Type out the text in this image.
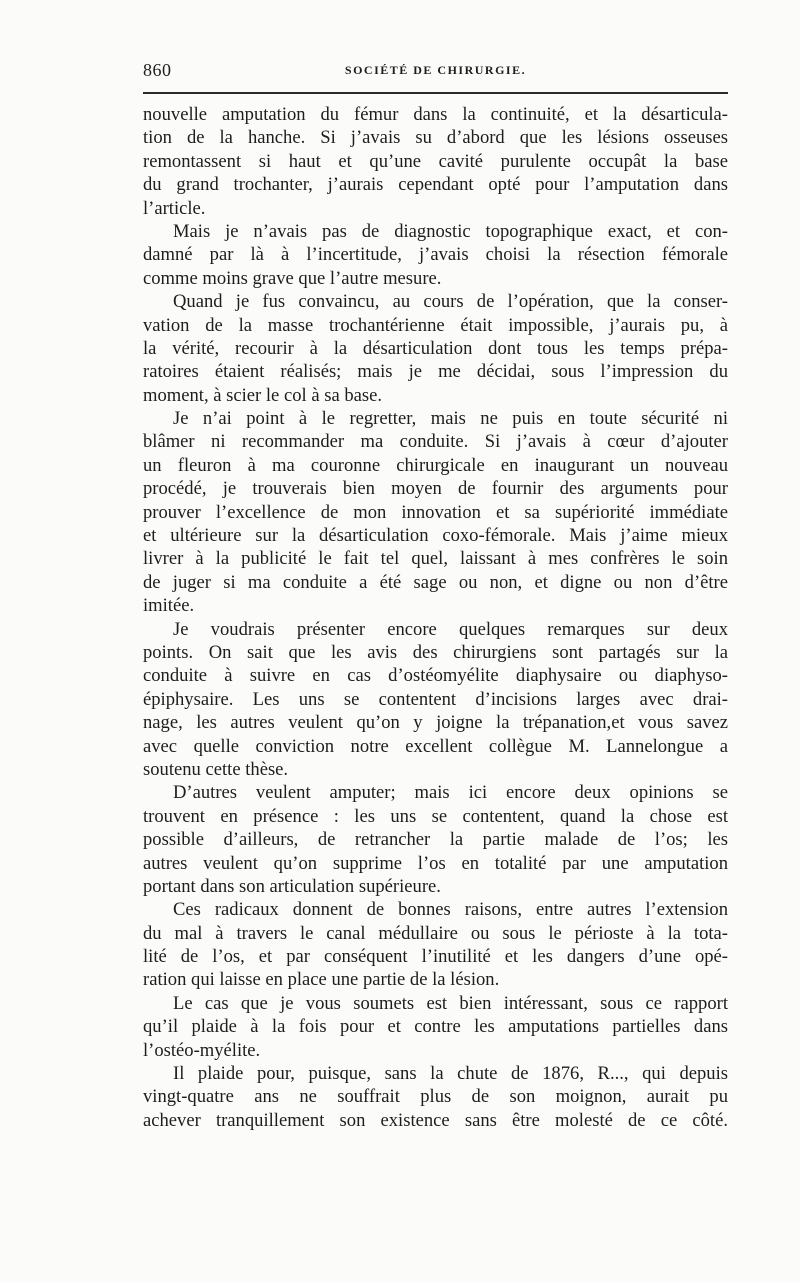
860	SOCIÉTÉ DE CHIRURGIE.
nouvelle amputation du fémur dans la continuité, et la désarticula-
tion de la hanche. Si j’avais su d’abord que les lésions osseuses
remontassent si haut et qu’une cavité purulente occupât la base
du grand trochanter, j’aurais cependant opté pour l’amputation dans
l’article.
Mais je n’avais pas de diagnostic topographique exact, et con-
damné par là à l’incertitude, j’avais choisi la résection fémorale
comme moins grave que l’autre mesure.
Quand je fus convaincu, au cours de l’opération, que la conser-
vation de la masse trochantérienne était impossible, j’aurais pu, à
la vérité, recourir à la désarticulation dont tous les temps prépa-
ratoires étaient réalisés; mais je me décidai, sous l’impression du
moment, à scier le col à sa base.
Je n’ai point à le regretter, mais ne puis en toute sécurité ni
blâmer ni recommander ma conduite. Si j’avais à cœur d’ajouter
un fleuron à ma couronne chirurgicale en inaugurant un nouveau
procédé, je trouverais bien moyen de fournir des arguments pour
prouver l’excellence de mon innovation et sa supériorité immédiate
et ultérieure sur la désarticulation coxo-fémorale. Mais j’aime mieux
livrer à la publicité le fait tel quel, laissant à mes confrères le soin
de juger si ma conduite a été sage ou non, et digne ou non d’être
imitée.
Je voudrais présenter encore quelques remarques sur deux
points. On sait que les avis des chirurgiens sont partagés sur la
conduite à suivre en cas d’ostéomyélite diaphysaire ou diaphyso-
épiphysaire. Les uns se contentent d’incisions larges avec drai-
nage, les autres veulent qu’on y joigne la trépanation,et vous savez
avec quelle conviction notre excellent collègue M. Lannelongue a
soutenu cette thèse.
D’autres veulent amputer; mais ici encore deux opinions se
trouvent en présence : les uns se contentent, quand la chose est
possible d’ailleurs, de retrancher la partie malade de l’os; les
autres veulent qu’on supprime l’os en totalité par une amputation
portant dans son articulation supérieure.
Ces radicaux donnent de bonnes raisons, entre autres l’extension
du mal à travers le canal médullaire ou sous le périoste à la tota-
lité de l’os, et par conséquent l’inutilité et les dangers d’une opé-
ration qui laisse en place une partie de la lésion.
Le cas que je vous soumets est bien intéressant, sous ce rapport
qu’il plaide à la fois pour et contre les amputations partielles dans
l’ostéo-myélite.
Il plaide pour, puisque, sans la chute de 1876, R..., qui depuis
vingt-quatre ans ne souffrait plus de son moignon, aurait pu
achever tranquillement son existence sans être molesté de ce côté.
